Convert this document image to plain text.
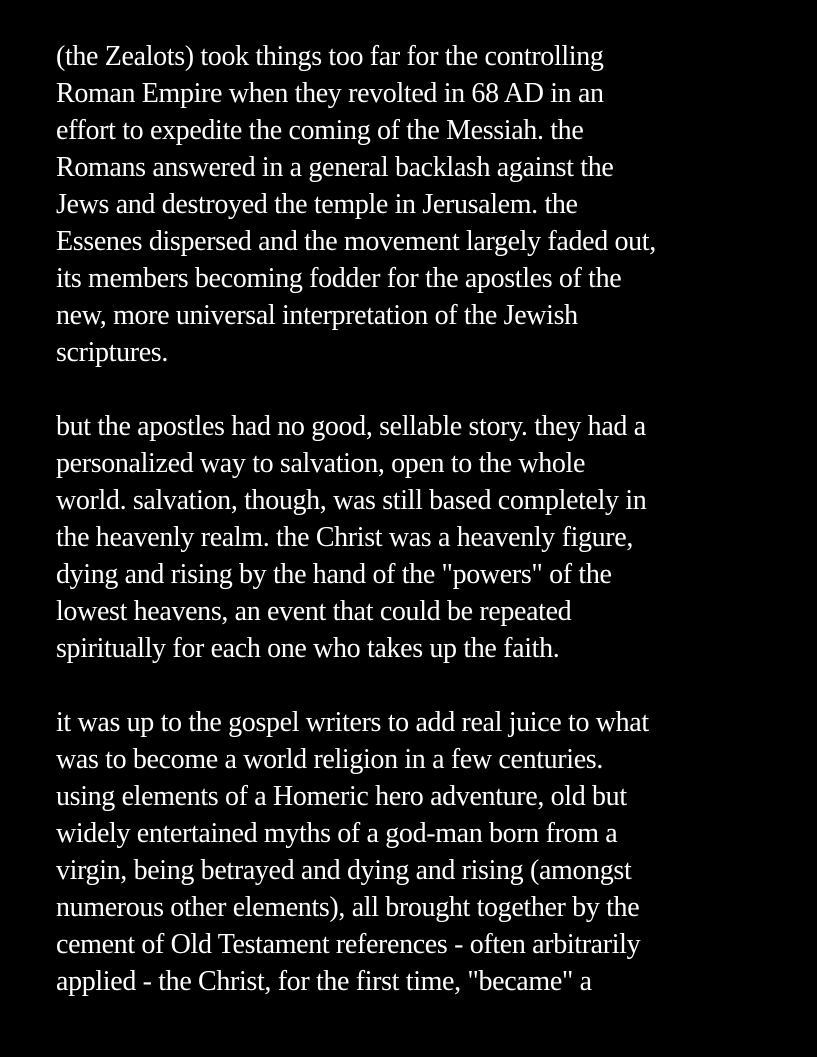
(the Zealots) took things too far for the controlling
Roman Empire when they revolted in 68 AD in an
effort to expedite the coming of the Messiah. the
Romans answered in a general backlash against the
Jews and destroyed the temple in Jerusalem. the
Essenes dispersed and the movement largely faded out,
its members becoming fodder for the apostles of the
new, more universal interpretation of the Jewish
scriptures.

but the apostles had no good, sellable story. they had a
personalized way to salvation, open to the whole
world. salvation, though, was still based completely in
the heavenly realm. the Christ was a heavenly figure,
dying and rising by the hand of the "powers" of the
lowest heavens, an event that could be repeated
spiritually for each one who takes up the faith.

it was up to the gospel writers to add real juice to what
was to become a world religion in a few centuries.
using elements of a Homeric hero adventure, old but
widely entertained myths of a god-man born from a
virgin, being betrayed and dying and rising (amongst
numerous other elements), all brought together by the
cement of Old Testament references - often arbitrarily
applied - the Christ, for the first time, "became" a
